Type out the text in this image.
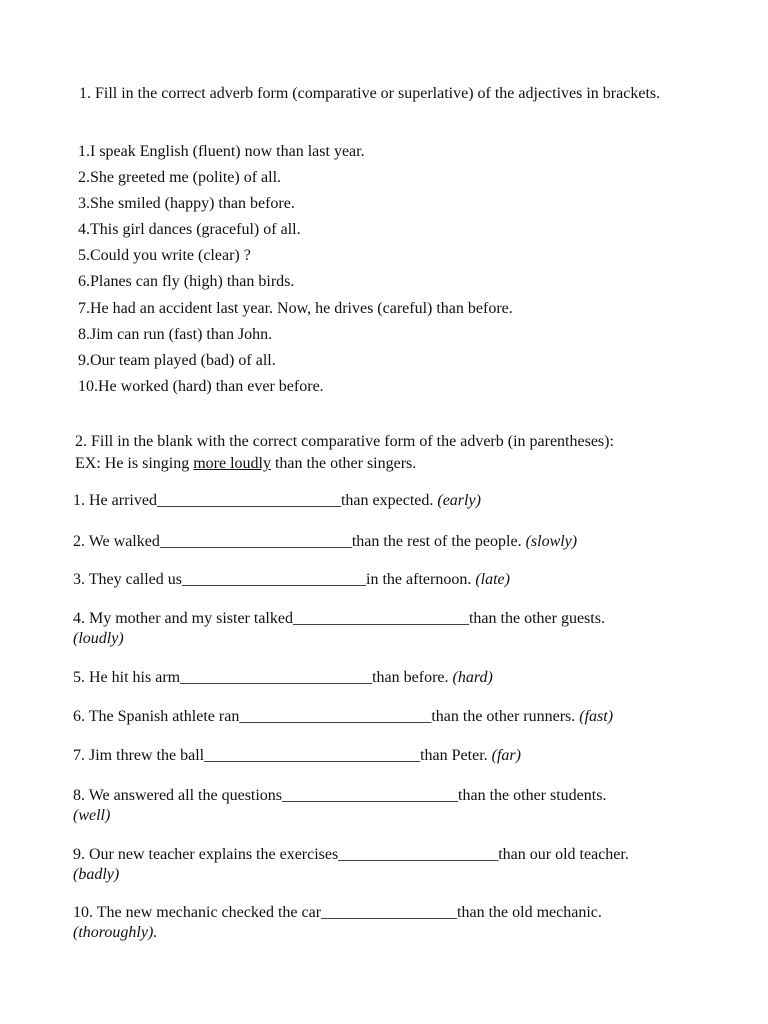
1. Fill in the correct adverb form (comparative or superlative) of the adjectives in brackets.
1.I speak English (fluent) now than last year.
2.She greeted me (polite) of all.
3.She smiled (happy) than before.
4.This girl dances (graceful) of all.
5.Could you write (clear) ?
6.Planes can fly (high) than birds.
7.He had an accident last year. Now, he drives (careful) than before.
8.Jim can run (fast) than John.
9.Our team played (bad) of all.
10.He worked (hard) than ever before.
2. Fill in the blank with the correct comparative form of the adverb (in parentheses):
EX: He is singing more loudly than the other singers.
1. He arrived_______________________than expected. (early)
2. We walked________________________than the rest of the people. (slowly)
3. They called us_______________________in the afternoon. (late)
4. My mother and my sister talked______________________than the other guests.
(loudly)
5. He hit his arm________________________than before. (hard)
6. The Spanish athlete ran________________________than the other runners. (fast)
7. Jim threw the ball___________________________than Peter. (far)
8. We answered all the questions______________________than the other students.
(well)
9. Our new teacher explains the exercises____________________than our old teacher.
(badly)
10. The new mechanic checked the car_________________than the old mechanic.
(thoroughly).
